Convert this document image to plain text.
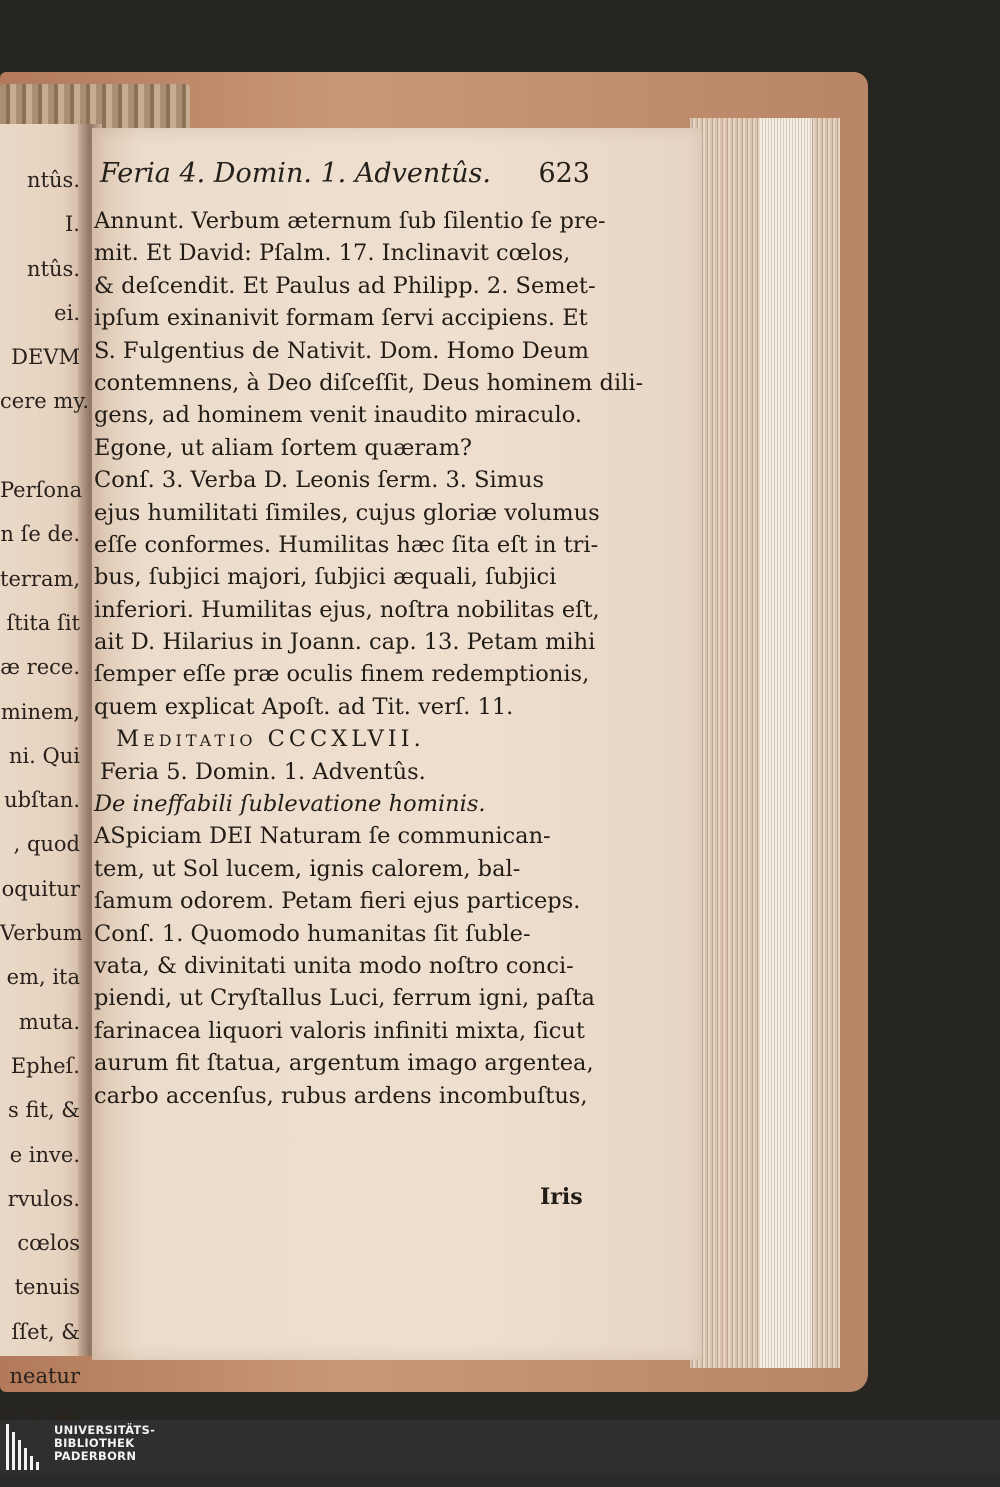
ntûs.
I.
ntûs.
ei.
DEVM
cere my.
Perſona
n ſe de.
terram,
ſtita ſit
æ rece.
minem,
ni. Qui
ubſtan.
, quod
oquitur
Verbum
em, ita
muta.
Epheſ.
s fit, &
e inve.
rvulos.
cœlos
tenuis
ſſet, &
neatur
Feria 4. Domin. 1. Adventûs. 623
Annunt. Verbum æternum ſub ſilentio ſe pre-
mit. Et David: Pſalm. 17. Inclinavit cœlos,
& deſcendit. Et Paulus ad Philipp. 2. Semet-
ipſum exinanivit formam ſervi accipiens. Et
S. Fulgentius de Nativit. Dom. Homo Deum
contemnens, à Deo diſceſſit, Deus hominem dili-
gens, ad hominem venit inaudito miraculo.
Egone, ut aliam ſortem quæram?
Conſ. 3. Verba D. Leonis ſerm. 3. Simus
ejus humilitati ſimiles, cujus gloriæ volumus
eſſe conformes. Humilitas hæc ſita eſt in tri-
bus, ſubjici majori, ſubjici æquali, ſubjici
inferiori. Humilitas ejus, noſtra nobilitas eſt,
ait D. Hilarius in Joann. cap. 13. Petam mihi
ſemper eſſe præ oculis finem redemptionis,
quem explicat Apoſt. ad Tit. verſ. 11.
Meditatio CCCXLVII.
Feria 5. Domin. 1. Adventûs.
De ineffabili ſublevatione hominis.
ASpiciam DEI Naturam ſe communican-
tem, ut Sol lucem, ignis calorem, bal-
ſamum odorem. Petam fieri ejus particeps.
Conſ. 1. Quomodo humanitas ſit ſuble-
vata, & divinitati unita modo noſtro conci-
piendi, ut Cryſtallus Luci, ferrum igni, paſta
farinacea liquori valoris infiniti mixta, ſicut
aurum fit ſtatua, argentum imago argentea,
carbo accenſus, rubus ardens incombuſtus,
Iris
UNIVERSITÄTS-
BIBLIOTHEK
PADERBORN
